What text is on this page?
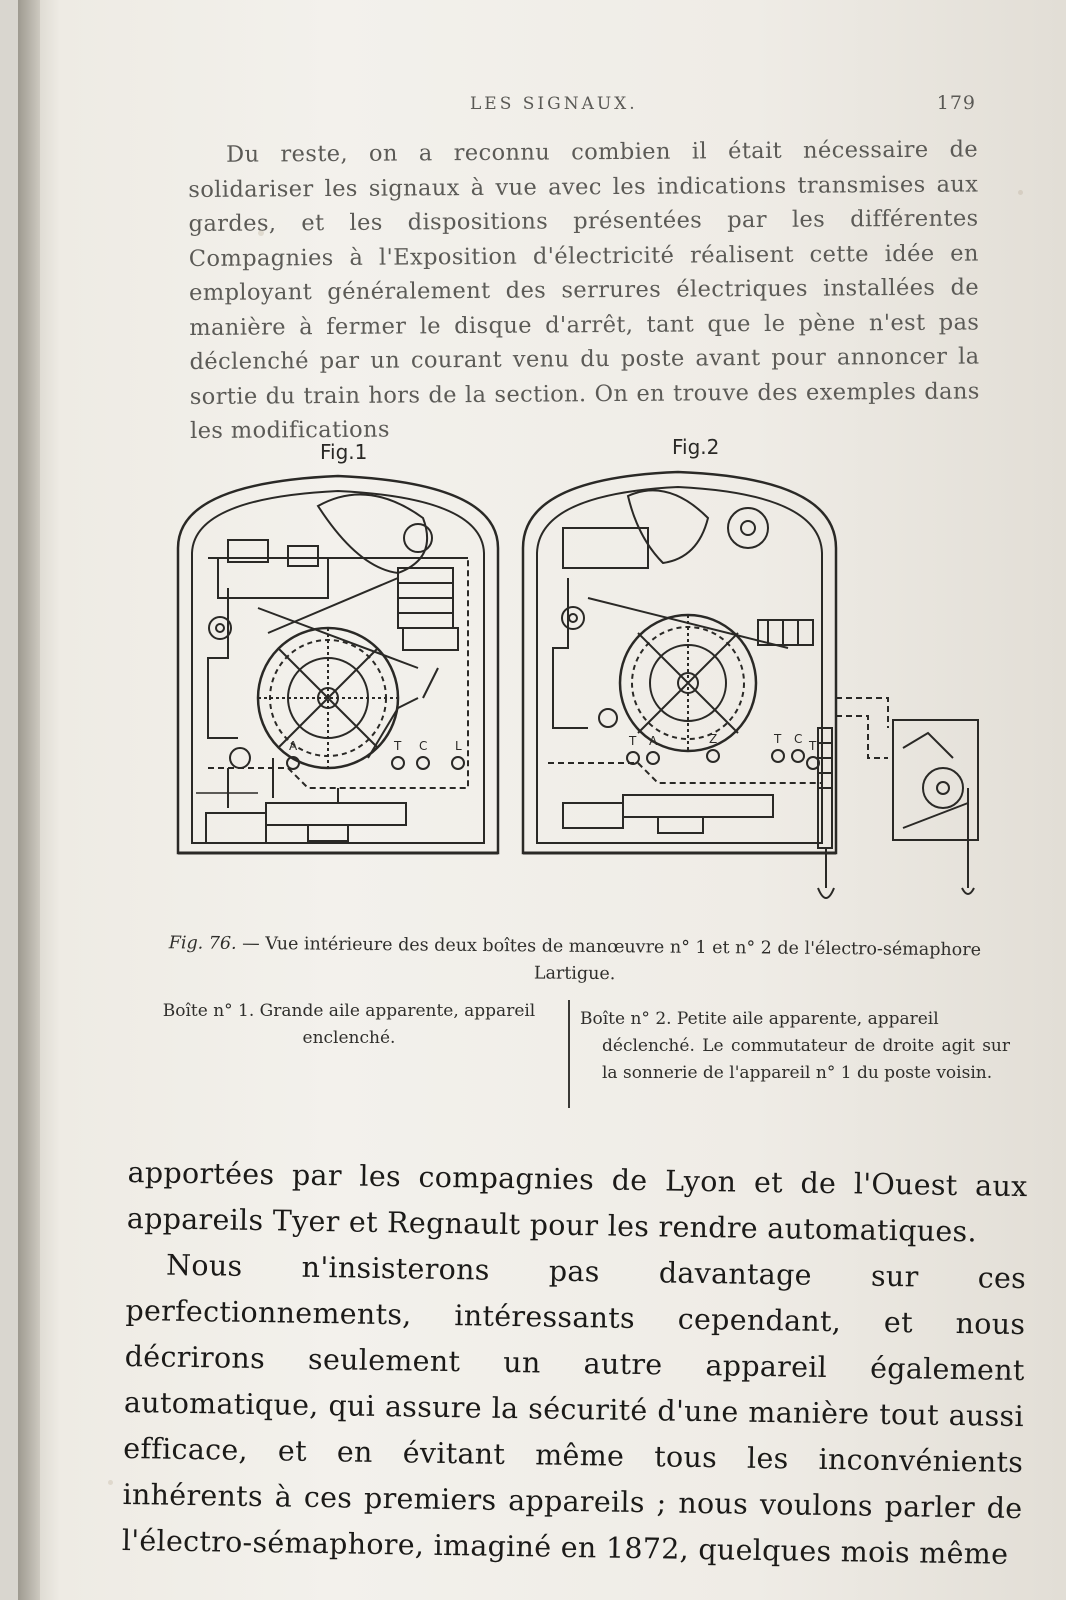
LES SIGNAUX.	179

Du reste, on a reconnu combien il était nécessaire de solidariser les signaux à vue avec les indications transmises aux gardes, et les dispositions présentées par les différentes Compagnies à l'Exposition d'électricité réalisent cette idée en employant généralement des serrures électriques installées de manière à fermer le disque d'arrêt, tant que le pène n'est pas déclenché par un courant venu du poste avant pour annoncer la sortie du train hors de la section. On en trouve des exemples dans les modifications

Fig.1	Fig.2
A	T C L	T A	Z	T C T
Fig. 76. — Vue intérieure des deux boîtes de manœuvre n° 1 et n° 2 de l'électro-sémaphore Lartigue.
Boîte n° 1. Grande aile apparente, appareil enclenché.
Boîte n° 2. Petite aile apparente, appareil
déclenché. Le commutateur de droite agit sur la sonnerie de l'appareil n° 1 du poste voisin.

apportées par les compagnies de Lyon et de l'Ouest aux appareils Tyer et Regnault pour les rendre automatiques.

Nous n'insisterons pas davantage sur ces perfectionnements, intéressants cependant, et nous décrirons seulement un autre appareil également automatique, qui assure la sécurité d'une manière tout aussi efficace, et en évitant même tous les inconvénients inhérents à ces premiers appareils ; nous voulons parler de l'électro-sémaphore, imaginé en 1872, quelques mois même
